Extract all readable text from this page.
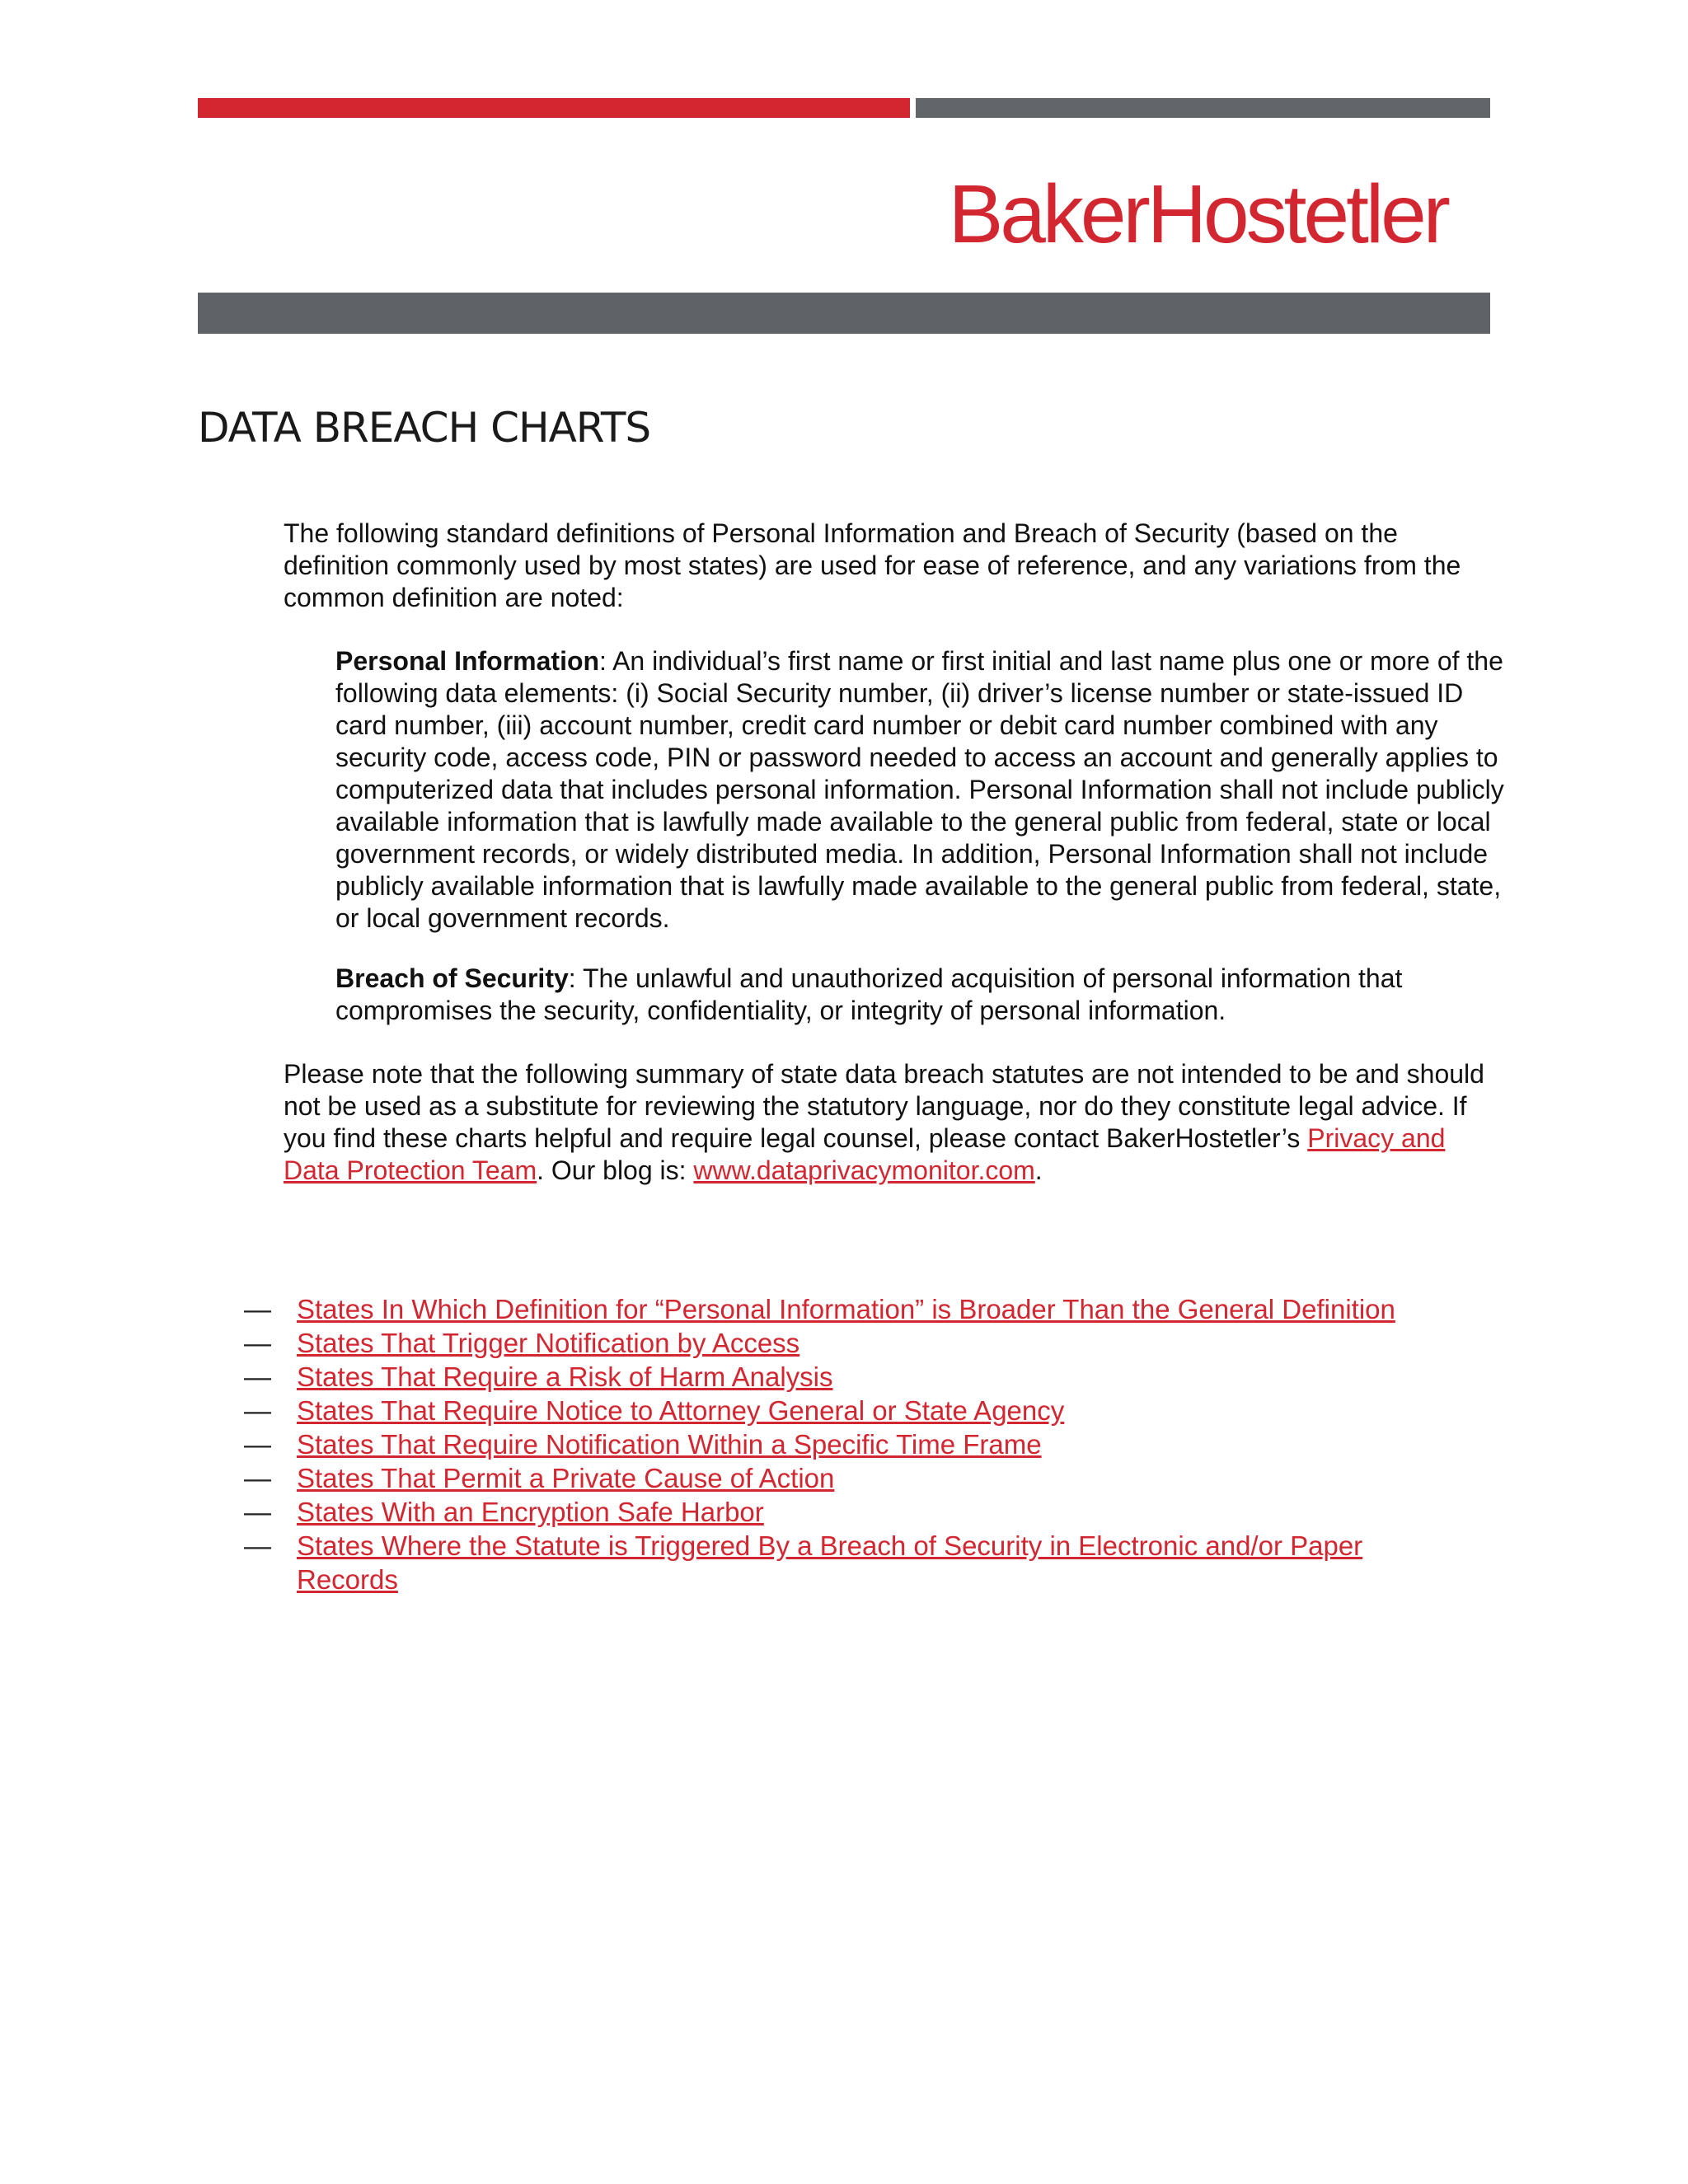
BakerHostetler
DATA BREACH CHARTS

The following standard definitions of Personal Information and Breach of Security (based on the definition commonly used by most states) are used for ease of reference, and any variations from the common definition are noted:

Personal Information: An individual’s first name or first initial and last name plus one or more of the following data elements: (i) Social Security number, (ii) driver’s license number or state-issued ID card number, (iii) account number, credit card number or debit card number combined with any security code, access code, PIN or password needed to access an account and generally applies to computerized data that includes personal information. Personal Information shall not include publicly available information that is lawfully made available to the general public from federal, state or local government records, or widely distributed media. In addition, Personal Information shall not include publicly available information that is lawfully made available to the general public from federal, state, or local government records.

Breach of Security: The unlawful and unauthorized acquisition of personal information that compromises the security, confidentiality, or integrity of personal information.

Please note that the following summary of state data breach statutes are not intended to be and should not be used as a substitute for reviewing the statutory language, nor do they constitute legal advice. If you find these charts helpful and require legal counsel, please contact BakerHostetler’s Privacy and Data Protection Team. Our blog is: www.dataprivacymonitor.com.

— States In Which Definition for “Personal Information” is Broader Than the General Definition
— States That Trigger Notification by Access
— States That Require a Risk of Harm Analysis
— States That Require Notice to Attorney General or State Agency
— States That Require Notification Within a Specific Time Frame
— States That Permit a Private Cause of Action
— States With an Encryption Safe Harbor
— States Where the Statute is Triggered By a Breach of Security in Electronic and/or Paper Records
